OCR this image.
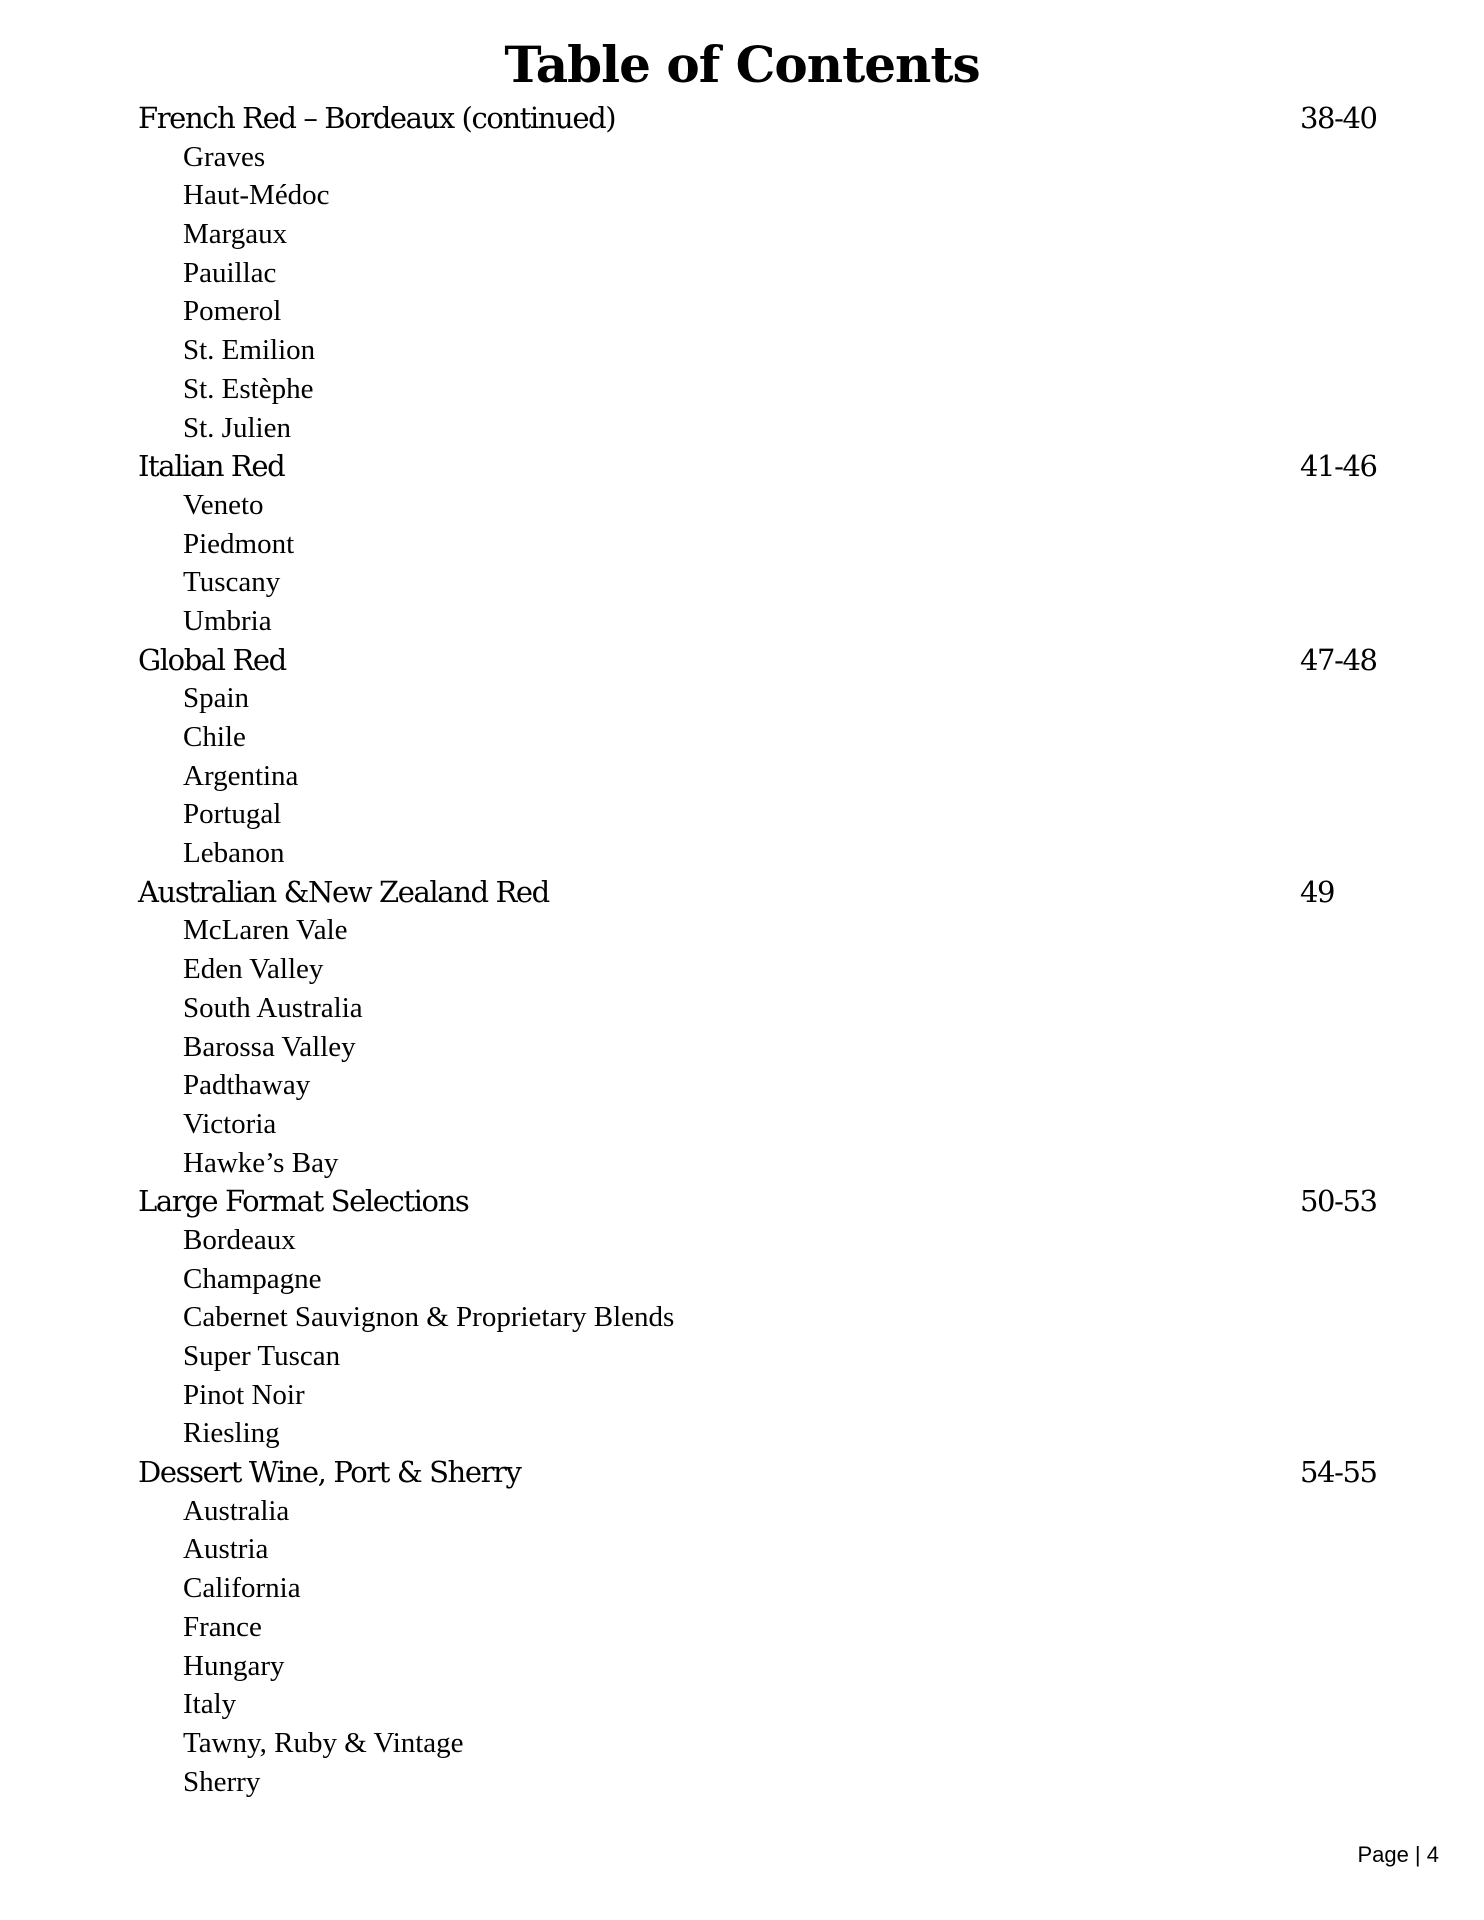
Table of Contents
French Red – Bordeaux (continued)	38-40
Graves
Haut-Médoc
Margaux
Pauillac
Pomerol
St. Emilion
St. Estèphe
St. Julien
Italian Red	41-46
Veneto
Piedmont
Tuscany
Umbria
Global Red	47-48
Spain
Chile
Argentina
Portugal
Lebanon
Australian &New Zealand Red	49
McLaren Vale
Eden Valley
South Australia
Barossa Valley
Padthaway
Victoria
Hawke’s Bay
Large Format Selections	50-53
Bordeaux
Champagne
Cabernet Sauvignon & Proprietary Blends
Super Tuscan
Pinot Noir
Riesling
Dessert Wine, Port & Sherry	54-55
Australia
Austria
California
France
Hungary
Italy
Tawny, Ruby & Vintage
Sherry
Page | 4
